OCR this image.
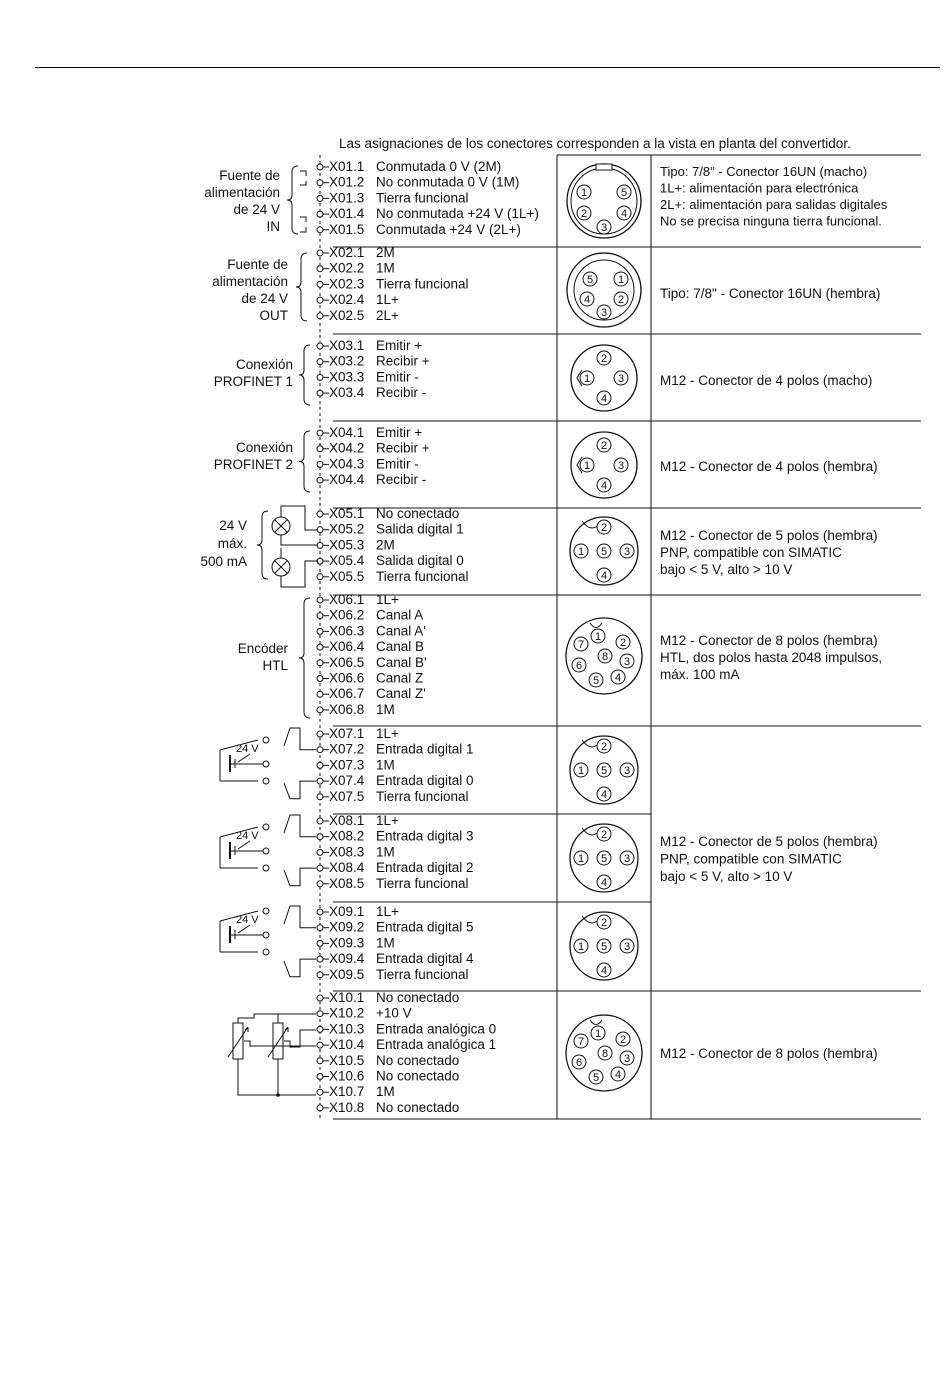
Las asignaciones de los conectores corresponden a la vista en planta del convertidor.
X01.1 Conmutada 0 V (2M)
X01.2 No conmutada 0 V (1M)
X01.3 Tierra funcional
X01.4 No conmutada +24 V (1L+)
X01.5 Conmutada +24 V (2L+)
X02.1 2M
X02.2 1M
X02.3 Tierra funcional
X02.4 1L+
X02.5 2L+
X03.1 Emitir +
X03.2 Recibir +
X03.3 Emitir -
X03.4 Recibir -
X04.1 Emitir +
X04.2 Recibir +
X04.3 Emitir -
X04.4 Recibir -
X05.1 No conectado
X05.2 Salida digital 1
X05.3 2M
X05.4 Salida digital 0
X05.5 Tierra funcional
X06.1 1L+
X06.2 Canal A
X06.3 Canal A'
X06.4 Canal B
X06.5 Canal B'
X06.6 Canal Z
X06.7 Canal Z'
X06.8 1M
X07.1 1L+
X07.2 Entrada digital 1
X07.3 1M
X07.4 Entrada digital 0
X07.5 Tierra funcional
X08.1 1L+
X08.2 Entrada digital 3
X08.3 1M
X08.4 Entrada digital 2
X08.5 Tierra funcional
X09.1 1L+
X09.2 Entrada digital 5
X09.3 1M
X09.4 Entrada digital 4
X09.5 Tierra funcional
X10.1 No conectado
X10.2 +10 V
X10.3 Entrada analógica 0
X10.4 Entrada analógica 1
X10.5 No conectado
X10.6 No conectado
X10.7 1M
X10.8 No conectado
Fuente de
alimentación
de 24 V
IN
Fuente de
alimentación
de 24 V
OUT
Conexión
PROFINET 1
Conexión
PROFINET 2
Encóder
HTL
24 V
máx.
500 mA
24 V
24 V
24 V
1	5
2	4
3
5 1
4	2
3
2
1	3
4
2
1	3
4
2
1 5 3
4
2
1 5 3
4
2
1 5 3
4
2
1 5 3
4
1 2
3
4
5
6
7
8
1 2
3
4
5
6
7
8
Tipo: 7/8" - Conector 16UN (macho)
1L+: alimentación para electrónica
2L+: alimentación para salidas digitales
No se precisa ninguna tierra funcional.
Tipo: 7/8" - Conector 16UN (hembra)
M12 - Conector de 4 polos (macho)
M12 - Conector de 4 polos (hembra)
M12 - Conector de 5 polos (hembra)
PNP, compatible con SIMATIC
bajo < 5 V, alto > 10 V
M12 - Conector de 8 polos (hembra)
HTL, dos polos hasta 2048 impulsos,
máx. 100 mA
M12 - Conector de 8 polos (hembra)
M12 - Conector de 5 polos (hembra)
PNP, compatible con SIMATIC
bajo < 5 V, alto > 10 V
